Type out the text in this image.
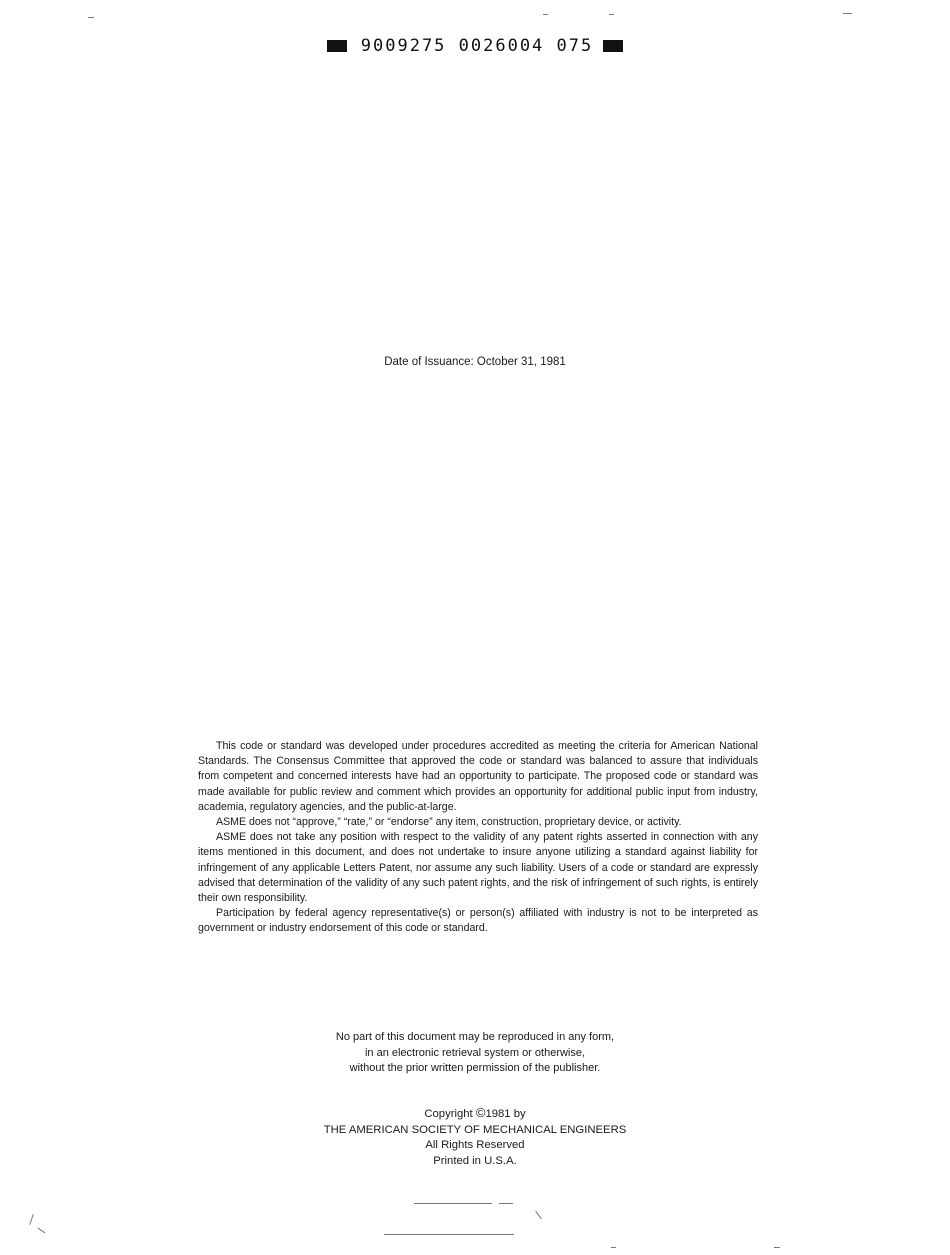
9009275 0026004 075
Date of Issuance: October 31, 1981

This code or standard was developed under procedures accredited as meeting the criteria for American National Standards. The Consensus Committee that approved the code or standard was balanced to assure that individuals from competent and concerned interests have had an opportunity to participate. The proposed code or standard was made available for public review and comment which provides an opportunity for additional public input from industry, academia, regulatory agencies, and the public-at-large.

ASME does not “approve,” “rate,” or “endorse” any item, construction, proprietary device, or activity.

ASME does not take any position with respect to the validity of any patent rights asserted in connection with any items mentioned in this document, and does not undertake to insure anyone utilizing a standard against liability for infringement of any applicable Letters Patent, nor assume any such liability. Users of a code or standard are expressly advised that determination of the validity of any such patent rights, and the risk of infringement of such rights, is entirely their own responsibility.

Participation by federal agency representative(s) or person(s) affiliated with industry is not to be interpreted as government or industry endorsement of this code or standard.

No part of this document may be reproduced in any form,
in an electronic retrieval system or otherwise,
without the prior written permission of the publisher.
Copyright ©1981 by
THE AMERICAN SOCIETY OF MECHANICAL ENGINEERS
All Rights Reserved
Printed in U.S.A.
